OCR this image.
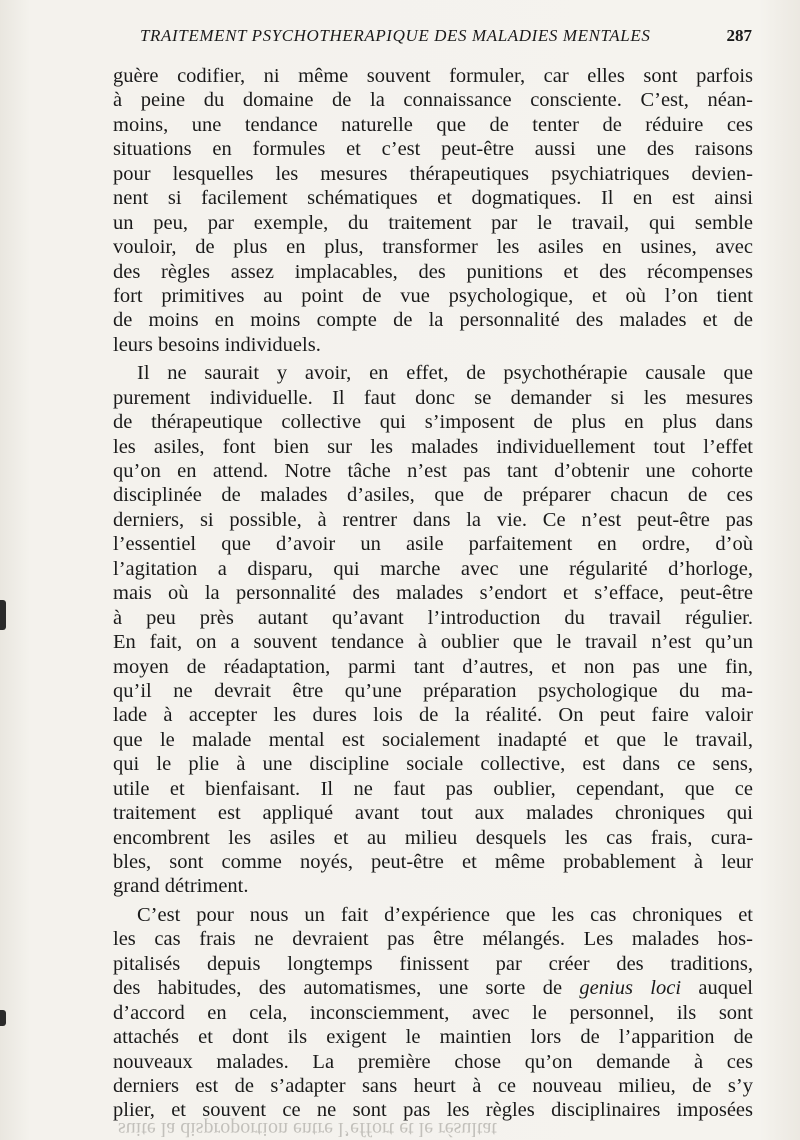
TRAITEMENT PSYCHOTHERAPIQUE DES MALADIES MENTALES	287
guère codifier, ni même souvent formuler, car elles sont parfois
à peine du domaine de la connaissance consciente. C’est, néan-
moins, une tendance naturelle que de tenter de réduire ces
situations en formules et c’est peut-être aussi une des raisons
pour lesquelles les mesures thérapeutiques psychiatriques devien-
nent si facilement schématiques et dogmatiques. Il en est ainsi
un peu, par exemple, du traitement par le travail, qui semble
vouloir, de plus en plus, transformer les asiles en usines, avec
des règles assez implacables, des punitions et des récompenses
fort primitives au point de vue psychologique, et où l’on tient
de moins en moins compte de la personnalité des malades et de
leurs besoins individuels.
Il ne saurait y avoir, en effet, de psychothérapie causale que
purement individuelle. Il faut donc se demander si les mesures
de thérapeutique collective qui s’imposent de plus en plus dans
les asiles, font bien sur les malades individuellement tout l’effet
qu’on en attend. Notre tâche n’est pas tant d’obtenir une cohorte
disciplinée de malades d’asiles, que de préparer chacun de ces
derniers, si possible, à rentrer dans la vie. Ce n’est peut-être pas
l’essentiel que d’avoir un asile parfaitement en ordre, d’où
l’agitation a disparu, qui marche avec une régularité d’horloge,
mais où la personnalité des malades s’endort et s’efface, peut-être
à peu près autant qu’avant l’introduction du travail régulier.
En fait, on a souvent tendance à oublier que le travail n’est qu’un
moyen de réadaptation, parmi tant d’autres, et non pas une fin,
qu’il ne devrait être qu’une préparation psychologique du ma-
lade à accepter les dures lois de la réalité. On peut faire valoir
que le malade mental est socialement inadapté et que le travail,
qui le plie à une discipline sociale collective, est dans ce sens,
utile et bienfaisant. Il ne faut pas oublier, cependant, que ce
traitement est appliqué avant tout aux malades chroniques qui
encombrent les asiles et au milieu desquels les cas frais, cura-
bles, sont comme noyés, peut-être et même probablement à leur
grand détriment.
C’est pour nous un fait d’expérience que les cas chroniques et
les cas frais ne devraient pas être mélangés. Les malades hos-
pitalisés depuis longtemps finissent par créer des traditions,
des habitudes, des automatismes, une sorte de genius loci auquel
d’accord en cela, inconsciemment, avec le personnel, ils sont
attachés et dont ils exigent le maintien lors de l’apparition de
nouveaux malades. La première chose qu’on demande à ces
derniers est de s’adapter sans heurt à ce nouveau milieu, de s’y
plier, et souvent ce ne sont pas les règles disciplinaires imposées
suite la disproportion entre l’effort et le résultat
